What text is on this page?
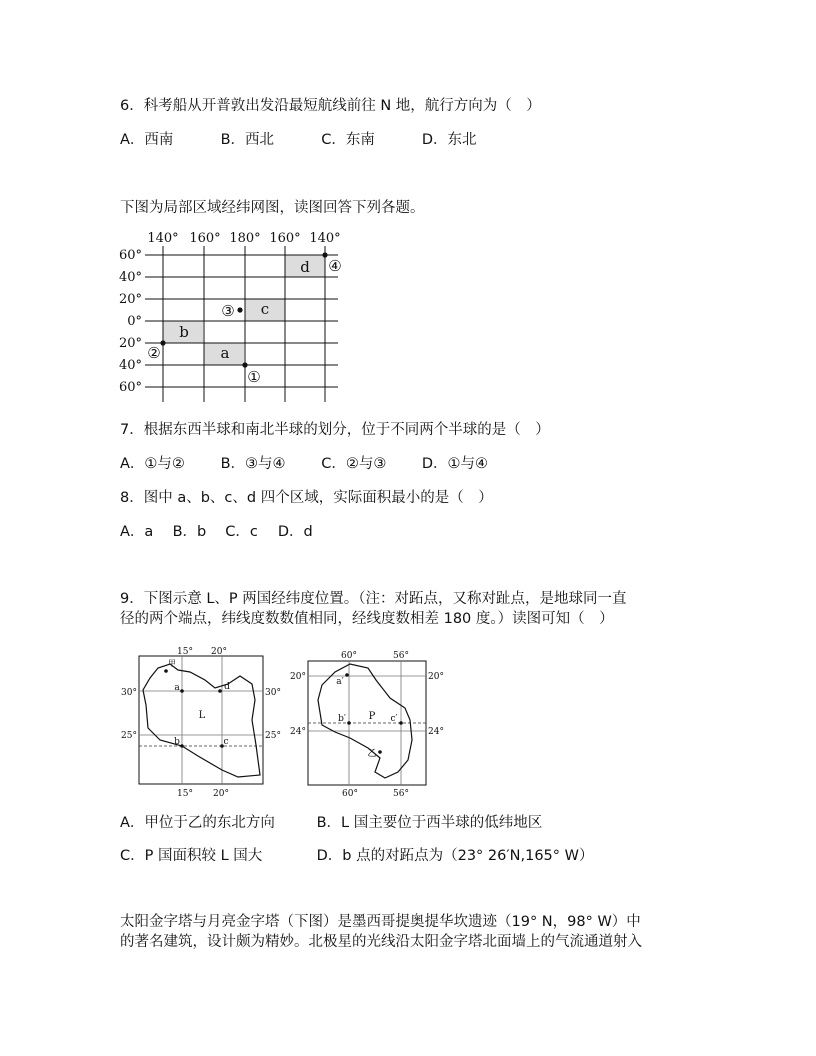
6．科考船从开普敦出发沿最短航线前往 N 地，航行方向为（　）
A．西南	B．西北	C．东南	D．东北
下图为局部区域经纬网图，读图回答下列各题。
140° 160° 180° 160° 140°
60°
40°
20°
0°
20°
40°
60°
d
c
b
a
④
③
②
①
7．根据东西半球和南北半球的划分，位于不同两个半球的是（　）
A．①与② B．③与④ C．②与③ D．①与④
8．图中 a、b、c、d 四个区域，实际面积最小的是（　）
A．a B．b C．c D．d
9．下图示意 L、P 两国经纬度位置。（注：对跖点，又称对趾点，是地球同一直
径的两个端点，纬线度数数值相同，经线度数相差 180 度。）读图可知（　）
15° 20°
15° 20°
30°
25°
30°
25°
L
甲
a	d
b	c
60°	56°
60°	56°
20°
24°
20°
24°
P
a′
b′	c′
乙
A．甲位于乙的东北方向	B．L 国主要位于西半球的低纬地区
C．P 国面积较 L 国大	D．b 点的对跖点为（23° 26′N,165° W）
太阳金字塔与月亮金字塔（下图）是墨西哥提奥提华坎遗迹（19° N，98° W）中
的著名建筑，设计颇为精妙。北极星的光线沿太阳金字塔北面墙上的气流通道射入
